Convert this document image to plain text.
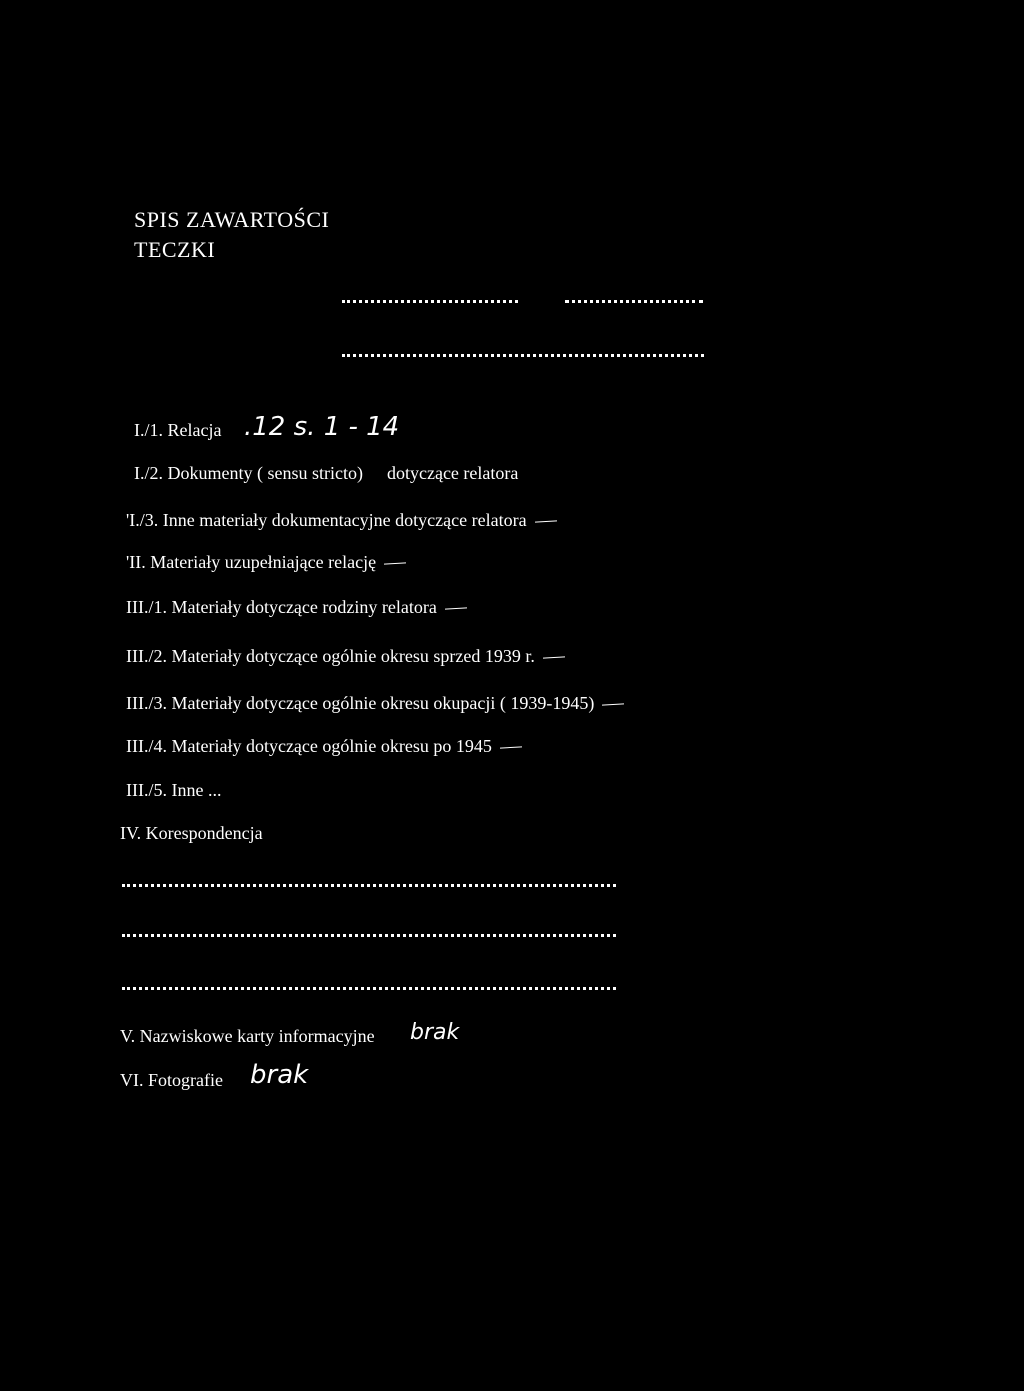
SPIS ZAWARTOŚCI
TECZKI
I./1. Relacja .12 s. 1 - 14
I./2. Dokumenty ( sensu stricto) dotyczące relatora
'I./3. Inne materiały dokumentacyjne dotyczące relatora
'II. Materiały uzupełniające relację
III./1. Materiały dotyczące rodziny relatora
III./2. Materiały dotyczące ogólnie okresu sprzed 1939 r.
III./3. Materiały dotyczące ogólnie okresu okupacji ( 1939-1945)
III./4. Materiały dotyczące ogólnie okresu po 1945
III./5. Inne ...
IV. Korespondencja
V. Nazwiskowe karty informacyjne brak
VI. Fotografie brak
